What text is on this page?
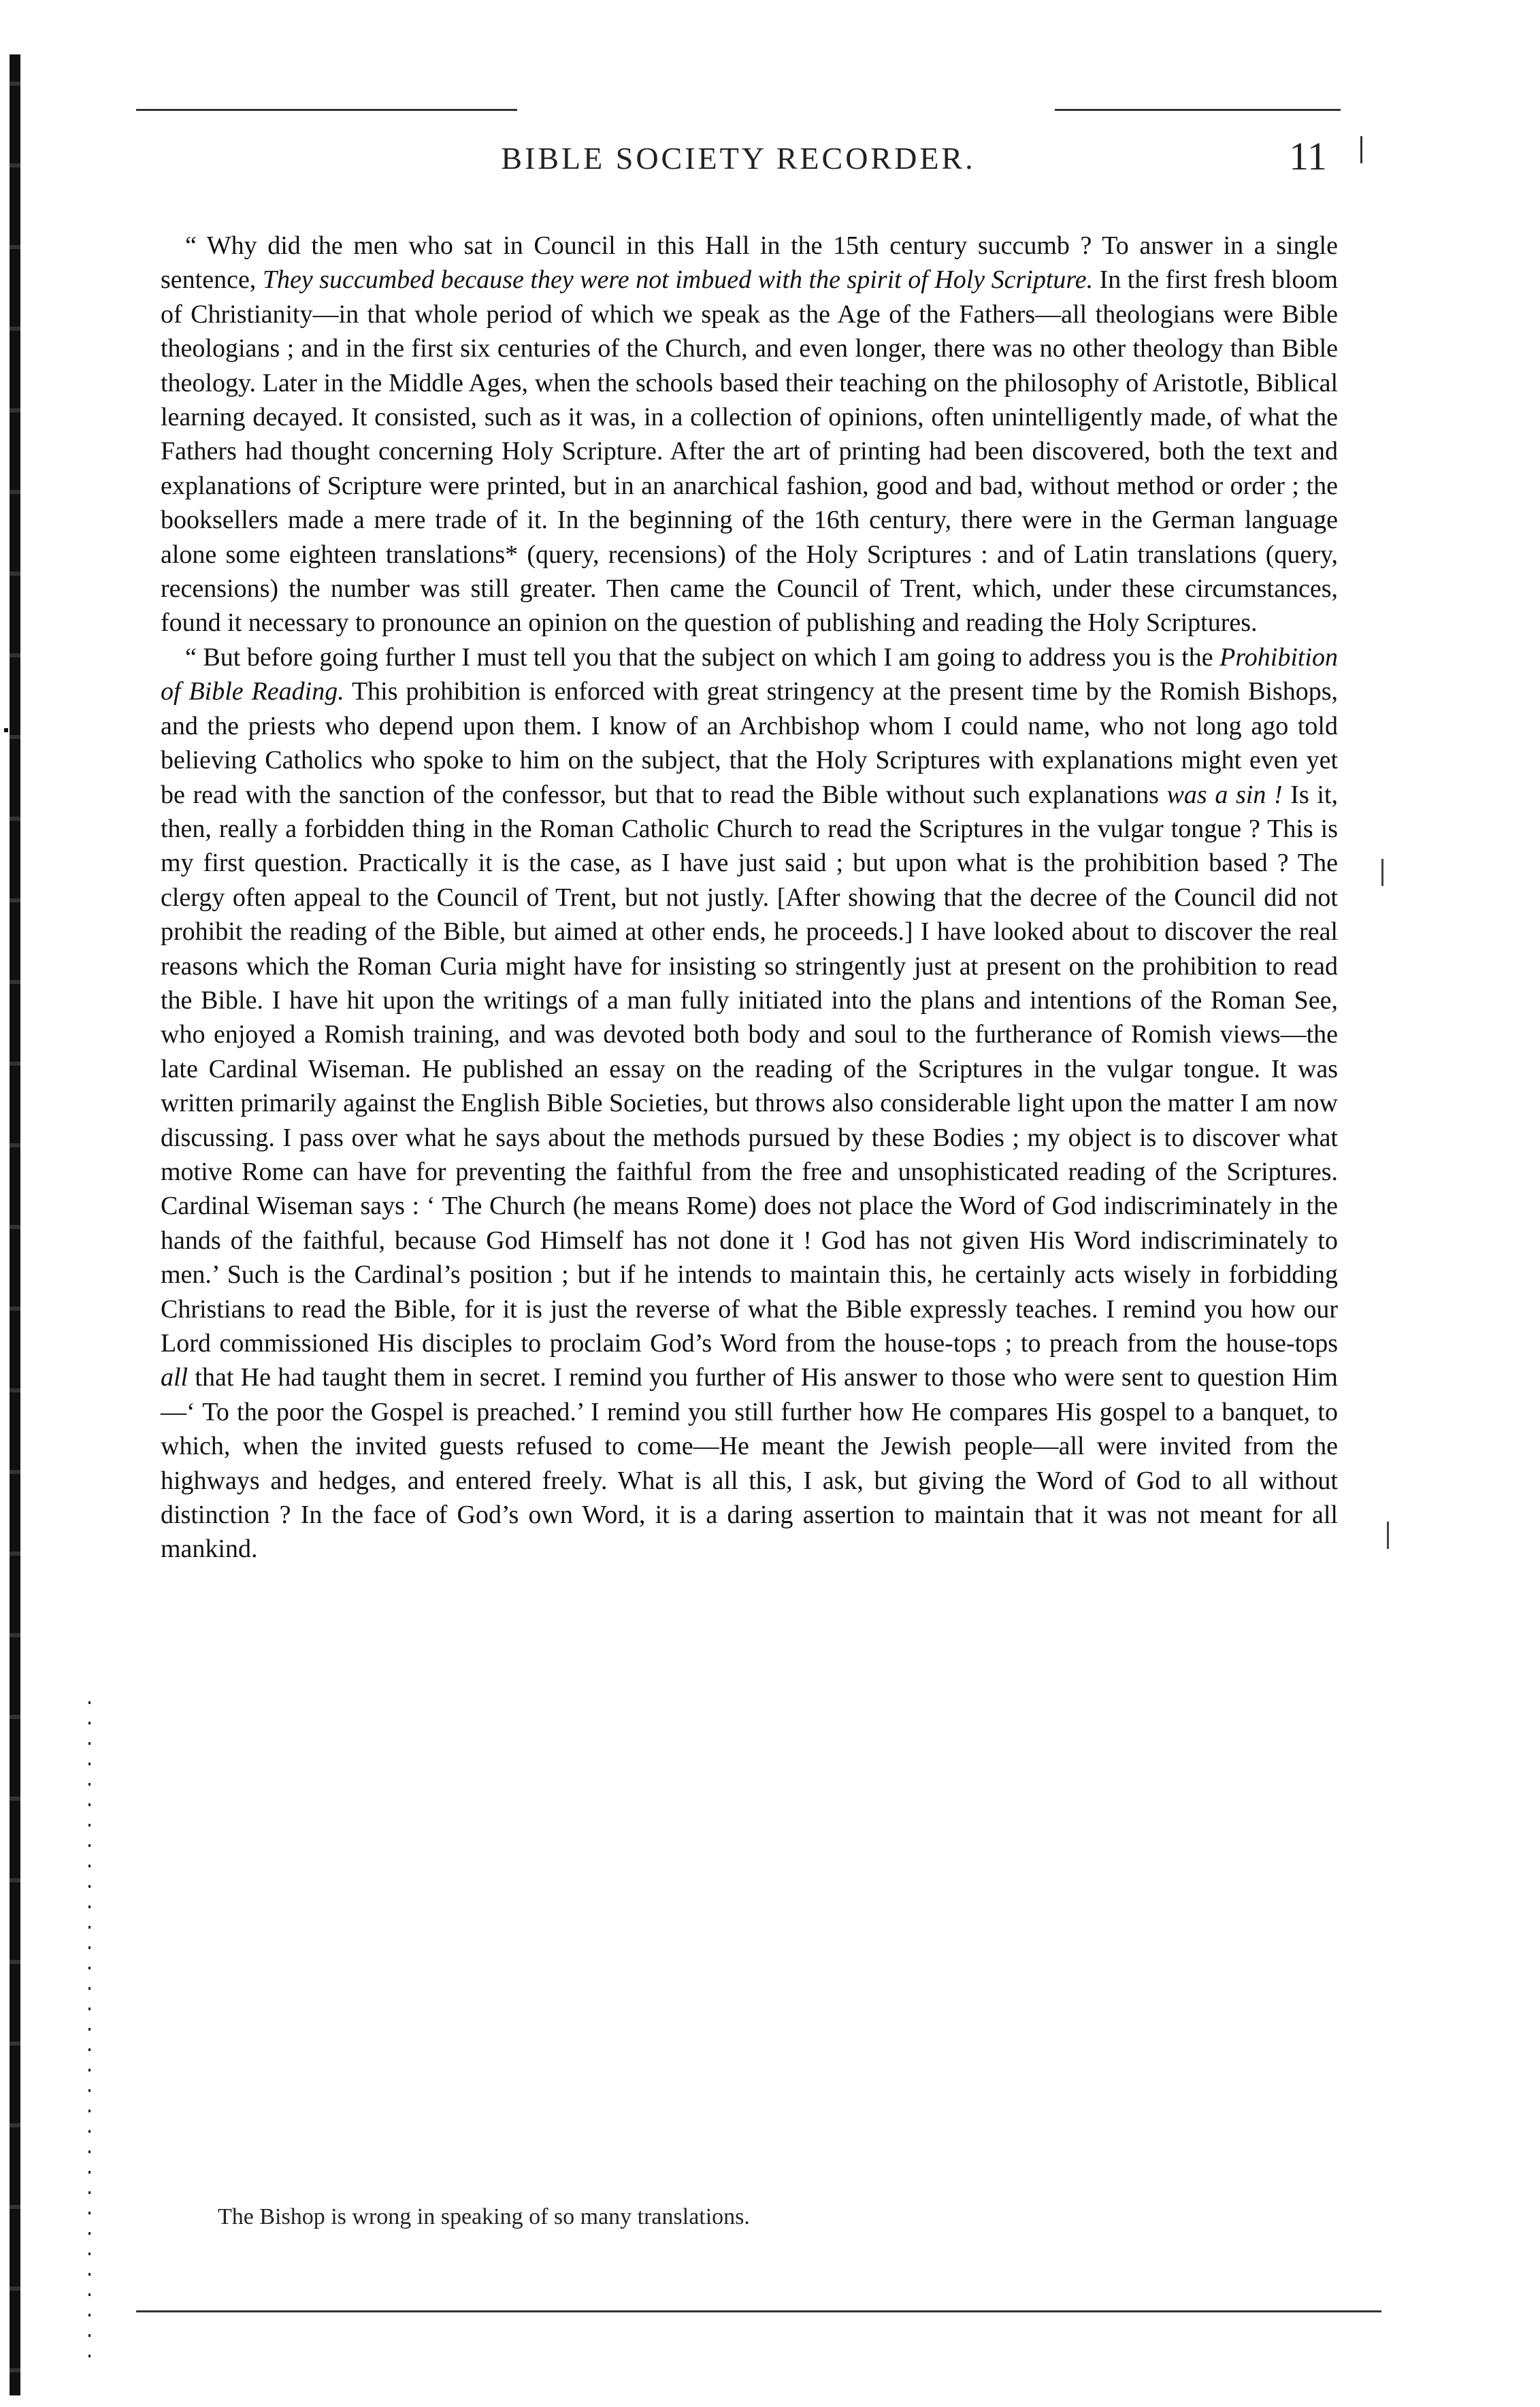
BIBLE SOCIETY RECORDER.	11

“ Why did the men who sat in Council in this Hall in the 15th century succumb ? To answer in a single sentence, They succumbed because they were not imbued with the spirit of Holy Scripture. In the first fresh bloom of Christianity—in that whole period of which we speak as the Age of the Fathers—all theologians were Bible theologians ; and in the first six centuries of the Church, and even longer, there was no other theology than Bible theology. Later in the Middle Ages, when the schools based their teaching on the philosophy of Aristotle, Biblical learning decayed. It consisted, such as it was, in a collection of opinions, often unintelligently made, of what the Fathers had thought concerning Holy Scripture. After the art of printing had been discovered, both the text and explanations of Scripture were printed, but in an anarchical fashion, good and bad, without method or order ; the booksellers made a mere trade of it. In the beginning of the 16th century, there were in the German language alone some eighteen translations* (query, recensions) of the Holy Scriptures : and of Latin translations (query, recensions) the number was still greater. Then came the Council of Trent, which, under these circumstances, found it necessary to pronounce an opinion on the question of publishing and reading the Holy Scriptures.

“ But before going further I must tell you that the subject on which I am going to address you is the Prohibition of Bible Reading. This prohibition is enforced with great stringency at the present time by the Romish Bishops, and the priests who depend upon them. I know of an Archbishop whom I could name, who not long ago told believing Catholics who spoke to him on the subject, that the Holy Scriptures with explanations might even yet be read with the sanction of the confessor, but that to read the Bible without such explanations was a sin ! Is it, then, really a forbidden thing in the Roman Catholic Church to read the Scriptures in the vulgar tongue ? This is my first question. Practically it is the case, as I have just said ; but upon what is the prohibition based ? The clergy often appeal to the Council of Trent, but not justly. [After showing that the decree of the Council did not prohibit the reading of the Bible, but aimed at other ends, he proceeds.] I have looked about to discover the real reasons which the Roman Curia might have for insisting so stringently just at present on the prohibition to read the Bible. I have hit upon the writings of a man fully initiated into the plans and intentions of the Roman See, who enjoyed a Romish training, and was devoted both body and soul to the furtherance of Romish views—the late Cardinal Wiseman. He published an essay on the reading of the Scriptures in the vulgar tongue. It was written primarily against the English Bible Societies, but throws also considerable light upon the matter I am now discussing. I pass over what he says about the methods pursued by these Bodies ; my object is to discover what motive Rome can have for preventing the faithful from the free and unsophisticated reading of the Scriptures. Cardinal Wiseman says : ‘ The Church (he means Rome) does not place the Word of God indiscriminately in the hands of the faithful, because God Himself has not done it ! God has not given His Word indiscriminately to men.’ Such is the Cardinal’s position ; but if he intends to maintain this, he certainly acts wisely in forbidding Christians to read the Bible, for it is just the reverse of what the Bible expressly teaches. I remind you how our Lord commissioned His disciples to proclaim God’s Word from the house-tops ; to preach from the house-tops all that He had taught them in secret. I remind you further of His answer to those who were sent to question Him—‘ To the poor the Gospel is preached.’ I remind you still further how He compares His gospel to a banquet, to which, when the invited guests refused to come—He meant the Jewish people—all were invited from the highways and hedges, and entered freely. What is all this, I ask, but giving the Word of God to all without distinction ? In the face of God’s own Word, it is a daring assertion to maintain that it was not meant for all mankind.

The Bishop is wrong in speaking of so many translations.
